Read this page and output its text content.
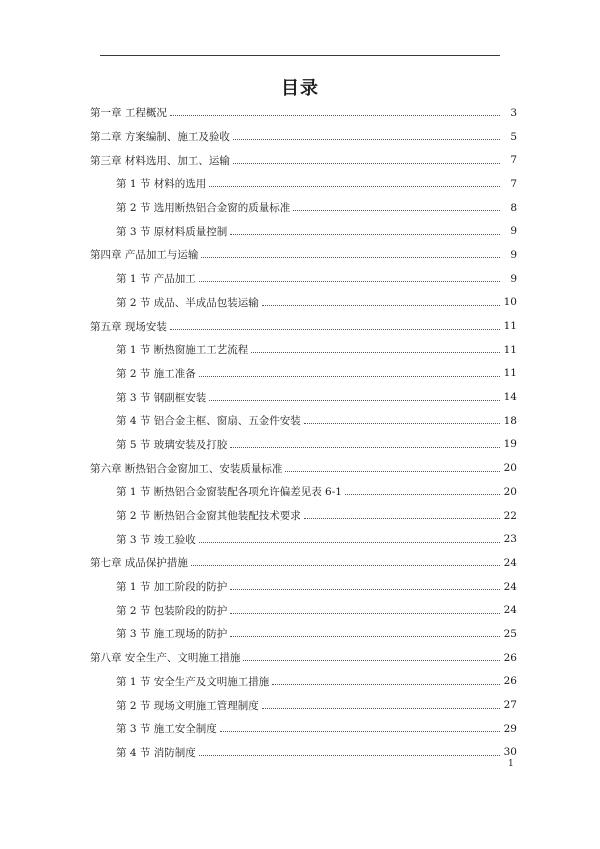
目录
第一章 工程概况	3
第二章 方案编制、施工及验收	5
第三章 材料选用、加工、运输	7
第 1 节 材料的选用	7
第 2 节 选用断热铝合金窗的质量标准	8
第 3 节 原材料质量控制	9
第四章 产品加工与运输	9
第 1 节 产品加工	9
第 2 节 成品、半成品包装运输	10
第五章 现场安装	11
第 1 节 断热窗施工工艺流程	11
第 2 节 施工准备	11
第 3 节 钢副框安装	14
第 4 节 铝合金主框、窗扇、五金件安装	18
第 5 节 玻璃安装及打胶	19
第六章 断热铝合金窗加工、安装质量标准	20
第 1 节 断热铝合金窗装配各项允许偏差见表 6-1	20
第 2 节 断热铝合金窗其他装配技术要求	22
第 3 节 竣工验收	23
第七章 成品保护措施	24
第 1 节 加工阶段的防护	24
第 2 节 包装阶段的防护	24
第 3 节 施工现场的防护	25
第八章 安全生产、文明施工措施	26
第 1 节 安全生产及文明施工措施	26
第 2 节 现场文明施工管理制度	27
第 3 节 施工安全制度	29
第 4 节 消防制度	30
1
